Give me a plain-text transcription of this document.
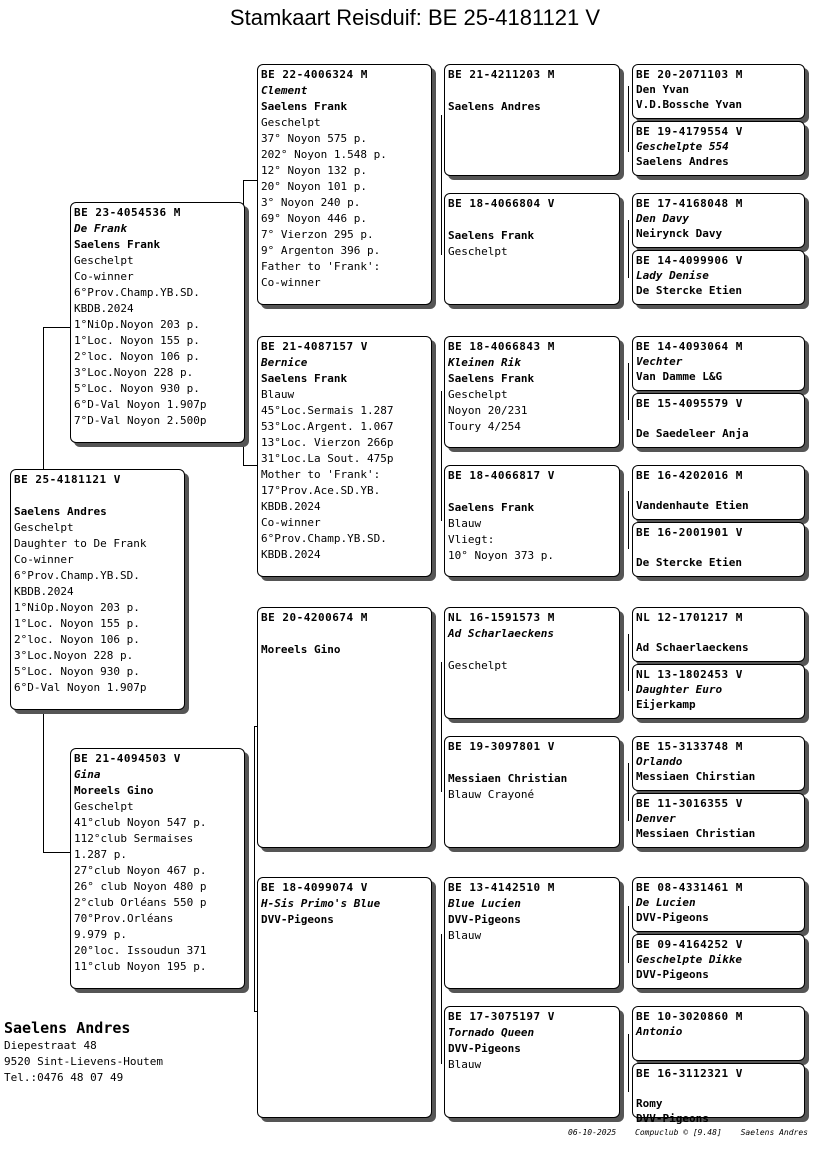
Stamkaart Reisduif: BE 25-4181121 V
BE 25-4181121 V

Saelens Andres
Geschelpt
Daughter to De Frank
Co-winner
6°Prov.Champ.YB.SD.
KBDB.2024
1°NiOp.Noyon 203 p.
1°Loc. Noyon 155 p.
2°loc. Noyon 106 p.
3°Loc.Noyon 228 p.
5°Loc. Noyon 930 p.
6°D-Val Noyon 1.907p
BE 23-4054536 M
De Frank
Saelens Frank
Geschelpt
Co-winner
6°Prov.Champ.YB.SD.
KBDB.2024
1°NiOp.Noyon 203 p.
1°Loc. Noyon 155 p.
2°loc. Noyon 106 p.
3°Loc.Noyon 228 p.
5°Loc. Noyon 930 p.
6°D-Val Noyon 1.907p
7°D-Val Noyon 2.500p
BE 21-4094503 V
Gina
Moreels Gino
Geschelpt
41°club Noyon 547 p.
112°club Sermaises
1.287 p.
27°club Noyon 467 p.
26° club Noyon 480 p
2°club Orléans 550 p
70°Prov.Orléans
9.979 p.
20°loc. Issoudun 371
11°club Noyon 195 p.
BE 22-4006324 M
Clement
Saelens Frank
Geschelpt
37° Noyon 575 p.
202° Noyon 1.548 p.
12° Noyon 132 p.
20° Noyon 101 p.
3° Noyon 240 p.
69° Noyon 446 p.
7° Vierzon 295 p.
9° Argenton 396 p.
Father to 'Frank':
Co-winner
BE 21-4087157 V
Bernice
Saelens Frank
Blauw
45°Loc.Sermais 1.287
53°Loc.Argent. 1.067
13°Loc. Vierzon 266p
31°Loc.La Sout. 475p
Mother to 'Frank':
17°Prov.Ace.SD.YB.
KBDB.2024
Co-winner
6°Prov.Champ.YB.SD.
KBDB.2024
BE 20-4200674 M

Moreels Gino
BE 18-4099074 V
H-Sis Primo's Blue
DVV-Pigeons
BE 21-4211203 M

Saelens Andres
BE 18-4066804 V

Saelens Frank
Geschelpt
BE 18-4066843 M
Kleinen Rik
Saelens Frank
Geschelpt
Noyon 20/231
Toury 4/254
BE 18-4066817 V

Saelens Frank
Blauw
Vliegt:
10° Noyon 373 p.
NL 16-1591573 M
Ad Scharlaeckens

Geschelpt
BE 19-3097801 V

Messiaen Christian
Blauw Crayoné
BE 13-4142510 M
Blue Lucien
DVV-Pigeons
Blauw
BE 17-3075197 V
Tornado Queen
DVV-Pigeons
Blauw
BE 20-2071103 M
Den Yvan
V.D.Bossche Yvan
BE 19-4179554 V
Geschelpte 554
Saelens Andres
BE 17-4168048 M
Den Davy
Neirynck Davy
BE 14-4099906 V
Lady Denise
De Stercke Etien
BE 14-4093064 M
Vechter
Van Damme L&G
BE 15-4095579 V

De Saedeleer Anja
BE 16-4202016 M

Vandenhaute Etien
BE 16-2001901 V

De Stercke Etien
NL 12-1701217 M

Ad Schaerlaeckens
NL 13-1802453 V
Daughter Euro
Eijerkamp
BE 15-3133748 M
Orlando
Messiaen Chirstian
BE 11-3016355 V
Denver
Messiaen Christian
BE 08-4331461 M
De Lucien
DVV-Pigeons
BE 09-4164252 V
Geschelpte Dikke
DVV-Pigeons
BE 10-3020860 M
Antonio
BE 16-3112321 V

Romy
DVV-Pigeons
Saelens Andres
Diepestraat 48
9520 Sint-Lievens-Houtem
Tel.:0476 48 07 49
06-10-2025 Compuclub © [9.48] Saelens Andres
